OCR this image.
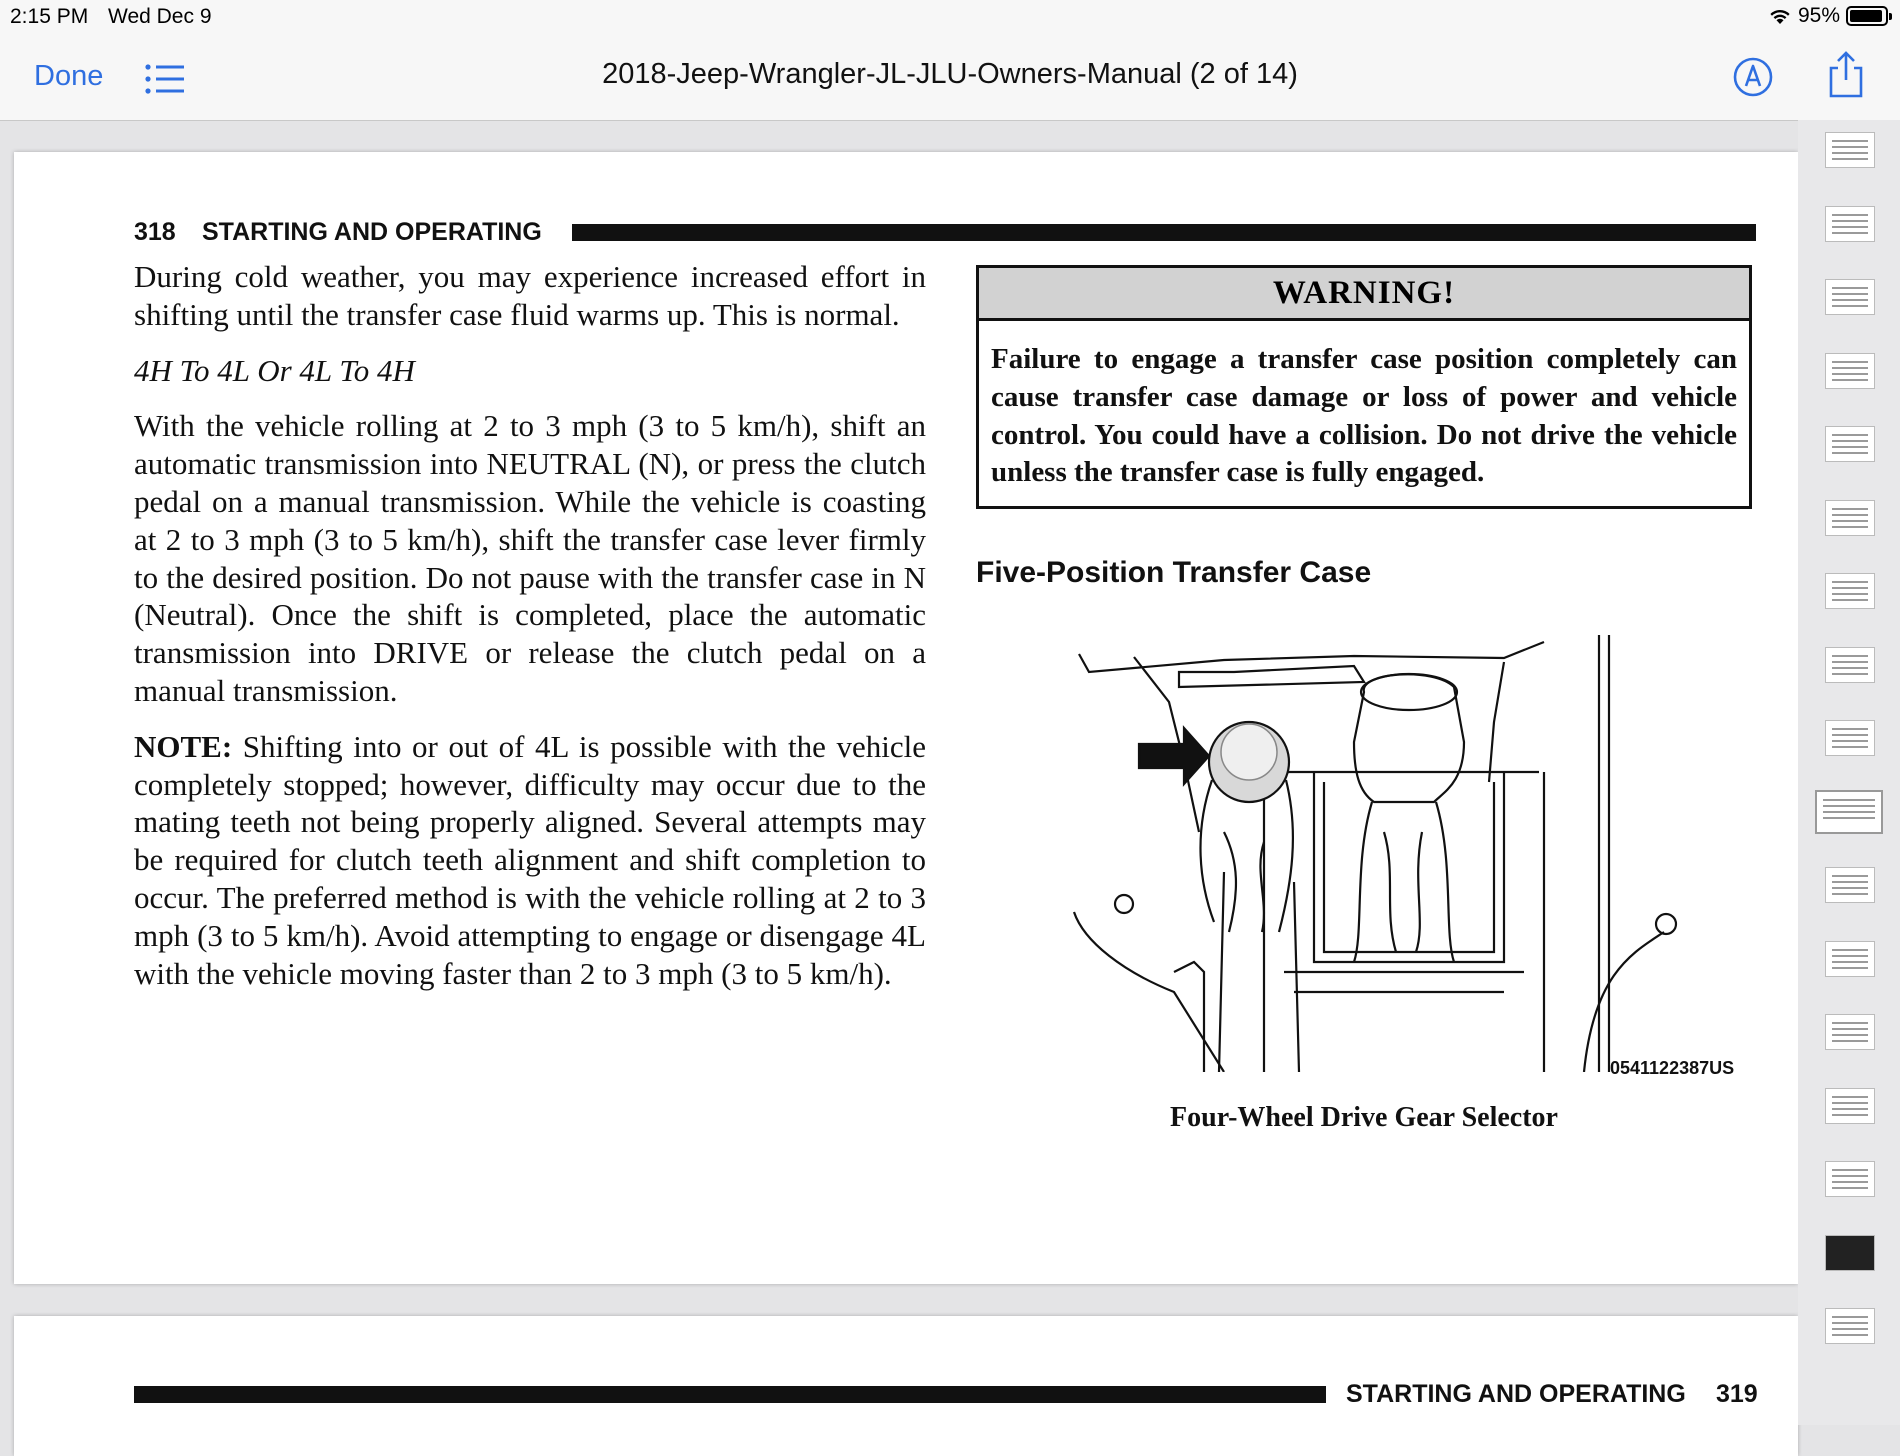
2:15 PM Wed Dec 9	95%
Done	2018-Jeep-Wrangler-JL-JLU-Owners-Manual (2 of 14)
318 STARTING AND OPERATING

During cold weather, you may experience increased effort in shifting until the transfer case fluid warms up. This is normal.

4H To 4L Or 4L To 4H

With the vehicle rolling at 2 to 3 mph (3 to 5 km/h), shift an automatic transmission into NEUTRAL (N), or press the clutch pedal on a manual transmission. While the vehicle is coasting at 2 to 3 mph (3 to 5 km/h), shift the transfer case lever firmly to the desired position. Do not pause with the transfer case in N (Neutral). Once the shift is completed, place the automatic transmission into DRIVE or release the clutch pedal on a manual transmission.

NOTE: Shifting into or out of 4L is possible with the vehicle completely stopped; however, difficulty may occur due to the mating teeth not being properly aligned. Several attempts may be required for clutch teeth alignment and shift completion to occur. The preferred method is with the vehicle rolling at 2 to 3 mph (3 to 5 km/h). Avoid attempting to engage or disengage 4L with the vehicle moving faster than 2 to 3 mph (3 to 5 km/h).

WARNING!
Failure to engage a transfer case position completely can cause transfer case damage or loss of power and vehicle control. You could have a collision. Do not drive the vehicle unless the transfer case is fully engaged.
Five-Position Transfer Case
0541122387US
Four-Wheel Drive Gear Selector
STARTING AND OPERATING 319
